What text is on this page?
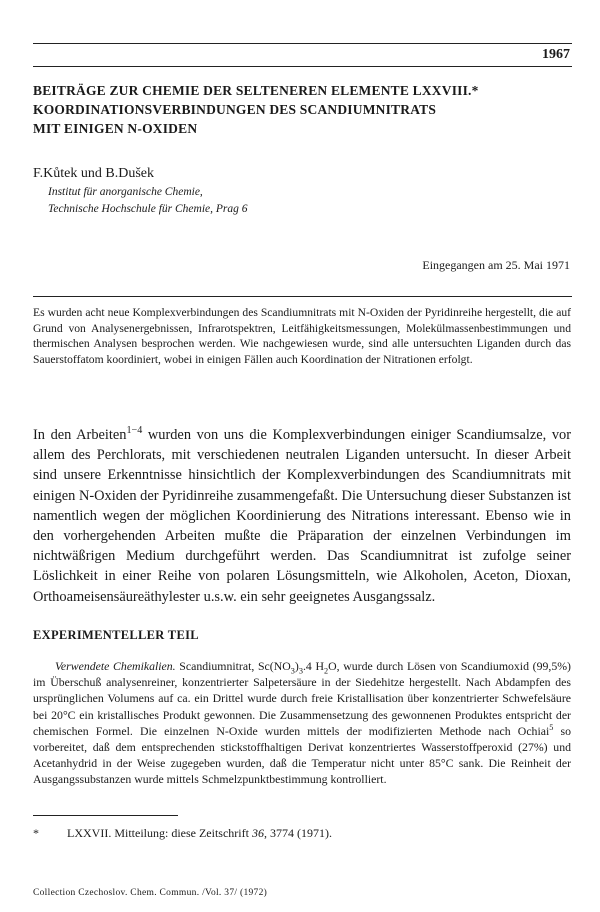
1967
BEITRÄGE ZUR CHEMIE DER SELTENEREN ELEMENTE LXXVIII.*
KOORDINATIONSVERBINDUNGEN DES SCANDIUMNITRATS
MIT EINIGEN N-OXIDEN
F.Kůtek und B.Dušek
Institut für anorganische Chemie,
Technische Hochschule für Chemie, Prag 6
Eingegangen am 25. Mai 1971

Es wurden acht neue Komplexverbindungen des Scandiumnitrats mit N-Oxiden der Pyridinreihe hergestellt, die auf Grund von Analysenergebnissen, Infrarotspektren, Leitfähigkeitsmessungen, Molekülmassenbestimmungen und thermischen Analysen besprochen werden. Wie nachgewiesen wurde, sind alle untersuchten Liganden durch das Sauerstoffatom koordiniert, wobei in einigen Fällen auch Koordination der Nitrationen erfolgt.

In den Arbeiten$^{1-4}$ wurden von uns die Komplexverbindungen einiger Scandiumsalze, vor allem des Perchlorats, mit verschiedenen neutralen Liganden untersucht. In dieser Arbeit sind unsere Erkenntnisse hinsichtlich der Komplexverbindungen des Scandiumnitrats mit einigen N-Oxiden der Pyridinreihe zusammengefaßt. Die Untersuchung dieser Substanzen ist namentlich wegen der möglichen Koordinierung des Nitrations interessant. Ebenso wie in den vorhergehenden Arbeiten mußte die Präparation der einzelnen Verbindungen im nichtwäßrigen Medium durchgeführt werden. Das Scandiumnitrat ist zufolge seiner Löslichkeit in einer Reihe von polaren Lösungsmitteln, wie Alkoholen, Aceton, Dioxan, Orthoameisensäureäthylester u.s.w. ein sehr geeignetes Ausgangssalz.

EXPERIMENTELLER TEIL

Verwendete Chemikalien. Scandiumnitrat, $Sc(NO_3)_3.4$ $H_2O$, wurde durch Lösen von Scandiumoxid (99,5%) im Überschuß analysenreiner, konzentrierter Salpetersäure in der Siedehitze hergestellt. Nach Abdampfen des ursprünglichen Volumens auf ca. ein Drittel wurde durch freie Kristallisation über konzentrierter Schwefelsäure bei 20°C ein kristallisches Produkt gewonnen. Die Zusammensetzung des gewonnenen Produktes entspricht der chemischen Formel. Die einzelnen N-Oxide wurden mittels der modifizierten Methode nach Ochiai$^5$ so vorbereitet, daß dem entsprechenden stickstoffhaltigen Derivat konzentriertes Wasserstoffperoxid (27%) und Acetanhydrid in der Weise zugegeben wurden, daß die Temperatur nicht unter 85°C sank. Die Reinheit der Ausgangssubstanzen wurde mittels Schmelzpunktbestimmung kontrolliert.

* LXXVII. Mitteilung: diese Zeitschrift 36, 3774 (1971).
Collection Czechoslov. Chem. Commun. /Vol. 37/ (1972)
